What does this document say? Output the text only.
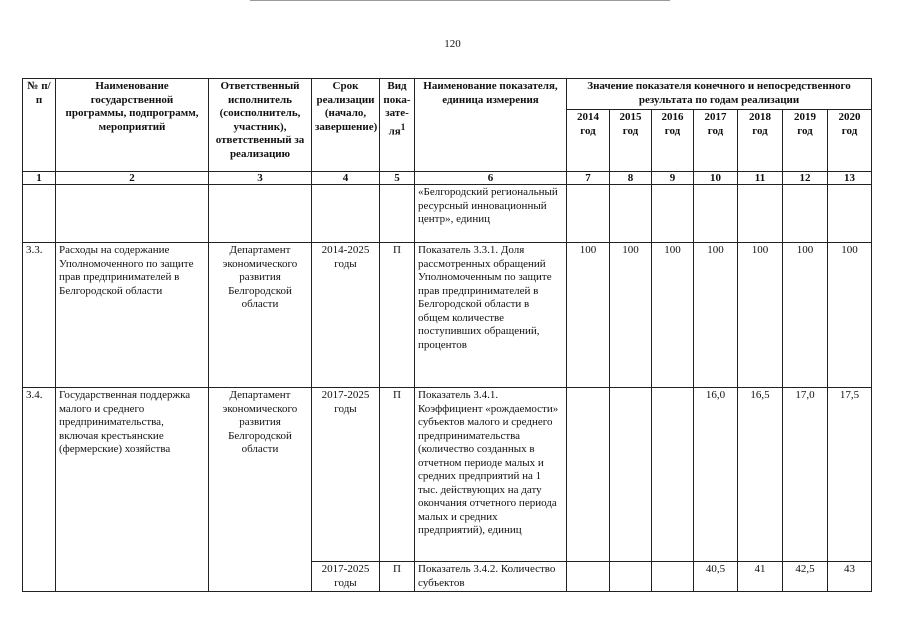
120
№ п/п	Наименование государственной программы, подпрограмм, мероприятий	Ответственный исполнитель (соисполнитель, участник), ответственный за реализацию	Срок реализации (начало, завершение)	Вид пока-$зате-ля^1$	Наименование показателя, единица измерения	Значение показателя конечного и непосредственного результата по годам реализации						
						2014 год	2015 год	2016 год	2017 год	2018 год	2019 год	2020 год
1	2	3	4	5	6	7	8	9	10	11	12	13
					«Белгородский региональный ресурсный инновационный центр», единиц							
3.3.	Расходы на содержание Уполномоченного по защите прав предпринимателей в Белгородской области	Департамент экономического развития Белгородской области	2014-2025 годы	П	Показатель 3.3.1. Доля рассмотренных обращений Уполномоченным по защите прав предпринимателей в Белгородской области в общем количестве поступивших обращений, процентов	100	100	100	100	100	100	100
3.4.	Государственная поддержка малого и среднего предпринимательства, включая крестьянские (фермерские) хозяйства	Департамент экономического развития Белгородской области	2017-2025 годы	П	Показатель 3.4.1. Коэффициент «рождаемости» субъектов малого и среднего предпринимательства (количество созданных в отчетном периоде малых и средних предприятий на 1 тыс. действующих на дату окончания отчетного периода малых и средних предприятий), единиц				16,0	16,5	17,0	17,5
			2017-2025 годы	П	Показатель 3.4.2. Количество субъектов				40,5	41	42,5	43
